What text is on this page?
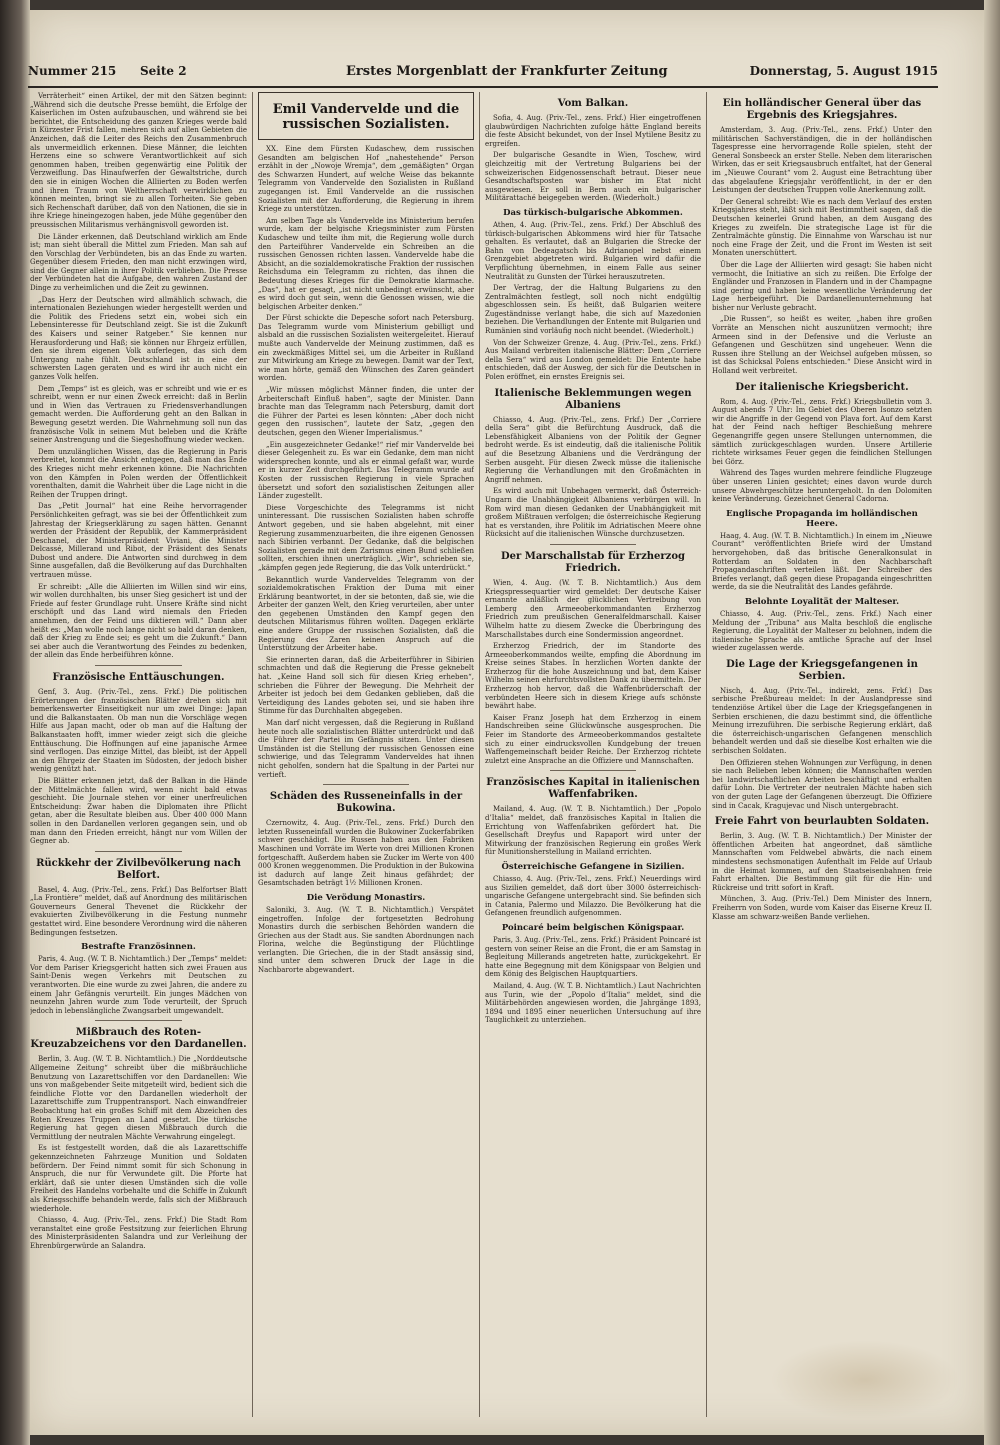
Nummer 215 Seite 2	Erstes Morgenblatt der Frankfurter Zeitung	Donnerstag, 5. August 1915

Verräterheit“ einen Artikel, der mit den Sätzen beginnt: „Während sich die deutsche Presse bemüht, die Erfolge der Kaiserlichen im Osten aufzubauschen, und während sie bei berichtet, die Entscheidung des ganzen Krieges werde bald in Kürzester Frist fallen, mehren sich auf allen Gebieten die Anzeichen, daß die Leiter des Reichs den Zusammenbruch als unvermeidlich erkennen. Diese Männer, die leichten Herzens eine so schwere Verantwortlichkeit auf sich genommen haben, treiben gegenwärtig eine Politik der Verzweiflung. Das Hinaufwerfen der Gewaltstriche, durch den sie in einigen Wochen die Alliierten zu Boden werfen und ihren Traum von Weltherrschaft verwirklichen zu können meinten, bringt sie zu allen Torheiten. Sie geben sich Rechenschaft darüber, daß von den Nationen, die sie in ihre Kriege hineingezogen haben, jede Mühe gegenüber den preussischen Militarismus verhängnisvoll geworden ist.

Die Länder erkennen, daß Deutschland wirklich am Ende ist; man sieht überall die Mittel zum Frieden. Man sah auf den Vorschlag der Verbündeten, bis an das Ende zu warten. Gegenüber diesem Frieden, den man nicht erzwingen wird, sind die Gegner allein in ihrer Politik verblieben. Die Presse der Verbündeten hat die Aufgabe, den wahren Zustand der Dinge zu verheimlichen und die Zeit zu gewinnen.

„Das Herz der Deutschen wird allmählich schwach, die internationalen Beziehungen wieder hergestellt werden und die Politik des Friedens setzt ein, wobei sich ein Lebensinteresse für Deutschland zeigt. Sie ist die Zukunft des Kaisers und seiner Ratgeber.“ Sie kennen nur Herausforderung und Haß; sie können nur Ehrgeiz erfüllen, den sie ihrem eigenen Volk auferlegen, das sich dem Untergang nahe fühlt. Deutschland ist in eine der schwersten Lagen geraten und es wird ihr auch nicht ein ganzes Volk helfen.

Dem „Temps“ ist es gleich, was er schreibt und wie er es schreibt, wenn er nur einen Zweck erreicht: daß in Berlin und in Wien das Vertrauen zu Friedensverhandlungen gemacht werden. Die Aufforderung geht an den Balkan in Bewegung gesetzt werden. Die Wahrnehmung soll nun das französische Volk in seinem Mut beleben und die Kräfte seiner Anstrengung und die Siegeshoffnung wieder wecken.

Dem unzulänglichen Wissen, das die Regierung in Paris verbreitet, kommt die Ansicht entgegen, daß man das Ende des Krieges nicht mehr erkennen könne. Die Nachrichten von den Kämpfen in Polen werden der Öffentlichkeit vorenthalten, damit die Wahrheit über die Lage nicht in die Reihen der Truppen dringt.

Das „Petit Journal“ hat eine Reihe hervorragender Persönlichkeiten gefragt, was sie bei der Öffentlichkeit zum Jahrestag der Kriegserklärung zu sagen hätten. Genannt werden der Präsident der Republik, der Kammerpräsident Deschanel, der Ministerpräsident Viviani, die Minister Delcassé, Millerand und Ribot, der Präsident des Senats Dubost und andere. Die Antworten sind durchweg in dem Sinne ausgefallen, daß die Bevölkerung auf das Durchhalten vertrauen müsse.

Er schreibt: „Alle die Alliierten im Willen sind wir eins, wir wollen durchhalten, bis unser Sieg gesichert ist und der Friede auf fester Grundlage ruht. Unsere Kräfte sind nicht erschöpft und das Land wird niemals den Frieden annehmen, den der Feind uns diktieren will.“ Dann aber heißt es: „Man wolle noch lange nicht so bald daran denken, daß der Krieg zu Ende sei; es geht um die Zukunft.“ Dann sei aber auch die Verantwortung des Feindes zu bedenken, der allein das Ende herbeiführen könne.

Französische Enttäuschungen.

Genf, 3. Aug. (Priv.-Tel., zens. Frkf.) Die politischen Erörterungen der französischen Blätter drehen sich mit bemerkenswerter Einseitigkeit nur um zwei Dinge: Japan und die Balkanstaaten. Ob man nun die Vorschläge wegen Hilfe aus Japan macht, oder ob man auf die Haltung der Balkanstaaten hofft, immer wieder zeigt sich die gleiche Enttäuschung. Die Hoffnungen auf eine japanische Armee sind verflogen. Das einzige Mittel, das bleibt, ist der Appell an den Ehrgeiz der Staaten im Südosten, der jedoch bisher wenig genützt hat.

Die Blätter erkennen jetzt, daß der Balkan in die Hände der Mittelmächte fallen wird, wenn nicht bald etwas geschieht. Die Journale stehen vor einer unerfreulichen Entscheidung: Zwar haben die Diplomaten ihre Pflicht getan, aber die Resultate bleiben aus. Über 400 000 Mann sollen in den Dardanellen verloren gegangen sein, und ob man dann den Frieden erreicht, hängt nur vom Willen der Gegner ab.

Rückkehr der Zivilbevölkerung nach Belfort.

Basel, 4. Aug. (Priv.-Tel., zens. Frkf.) Das Belfortser Blatt „La Frontière“ meldet, daß auf Anordnung des militärischen Gouverneurs General Thevenet die Rückkehr der evakuierten Zivilbevölkerung in die Festung nunmehr gestattet wird. Eine besondere Verordnung wird die näheren Bedingungen festsetzen.

Bestrafte Französinnen.

Paris, 4. Aug. (W. T. B. Nichtamtlich.) Der „Temps“ meldet: Vor dem Pariser Kriegsgericht hatten sich zwei Frauen aus Saint-Denis wegen Verkehrs mit Deutschen zu verantworten. Die eine wurde zu zwei Jahren, die andere zu einem Jahr Gefängnis verurteilt. Ein junges Mädchen von neunzehn Jahren wurde zum Tode verurteilt, der Spruch jedoch in lebenslängliche Zwangsarbeit umgewandelt.

Mißbrauch des Roten-Kreuzabzeichens vor den Dardanellen.

Berlin, 3. Aug. (W. T. B. Nichtamtlich.) Die „Norddeutsche Allgemeine Zeitung“ schreibt über die mißbräuchliche Benutzung von Lazarettschiffen vor den Dardanellen: Wie uns von maßgebender Seite mitgeteilt wird, bedient sich die feindliche Flotte vor den Dardanellen wiederholt der Lazarettschiffe zum Truppentransport. Nach einwandfreier Beobachtung hat ein großes Schiff mit dem Abzeichen des Roten Kreuzes Truppen an Land gesetzt. Die türkische Regierung hat gegen diesen Mißbrauch durch die Vermittlung der neutralen Mächte Verwahrung eingelegt.

Es ist festgestellt worden, daß die als Lazarettschiffe gekennzeichneten Fahrzeuge Munition und Soldaten befördern. Der Feind nimmt somit für sich Schonung in Anspruch, die nur für Verwundete gilt. Die Pforte hat erklärt, daß sie unter diesen Umständen sich die volle Freiheit des Handelns vorbehalte und die Schiffe in Zukunft als Kriegsschiffe behandeln werde, falls sich der Mißbrauch wiederhole.

Chiasso, 4. Aug. (Priv.-Tel., zens. Frkf.) Die Stadt Rom veranstaltet eine große Festsitzung zur feierlichen Ehrung des Ministerpräsidenten Salandra und zur Verleihung der Ehrenbürgerwürde an Salandra.

Emil Vandervelde und die russischen Sozialisten.

XX. Eine dem Fürsten Kudaschew, dem russischen Gesandten am belgischen Hof „nahestehende“ Person erzählt in der „Nowoje Wremja“, dem „gemäßigten“ Organ des Schwarzen Hundert, auf welche Weise das bekannte Telegramm von Vandervelde den Sozialisten in Rußland zugegangen ist. Emil Vandervelde an die russischen Sozialisten mit der Aufforderung, die Regierung in ihrem Kriege zu unterstützen.

Am selben Tage als Vandervelde ins Ministerium berufen wurde, kam der belgische Kriegsminister zum Fürsten Kudaschew und teilte ihm mit, die Regierung wolle durch den Parteiführer Vandervelde ein Schreiben an die russischen Genossen richten lassen. Vandervelde habe die Absicht, an die sozialdemokratische Fraktion der russischen Reichsduma ein Telegramm zu richten, das ihnen die Bedeutung dieses Krieges für die Demokratie klarmache. „Das“, hat er gesagt, „ist nicht unbedingt erwünscht, aber es wird doch gut sein, wenn die Genossen wissen, wie die belgischen Arbeiter denken.“

Der Fürst schickte die Depesche sofort nach Petersburg. Das Telegramm wurde vom Ministerium gebilligt und alsbald an die russischen Sozialisten weitergeleitet. Hierauf mußte auch Vandervelde der Meinung zustimmen, daß es ein zweckmäßiges Mittel sei, um die Arbeiter in Rußland zur Mitwirkung am Kriege zu bewegen. Damit war der Text, wie man hörte, gemäß den Wünschen des Zaren geändert worden.

„Wir müssen möglichst Männer finden, die unter der Arbeiterschaft Einfluß haben“, sagte der Minister. Dann brachte man das Telegramm nach Petersburg, damit dort die Führer der Partei es lesen könnten: „Aber doch nicht gegen den russischen“, lautete der Satz, „gegen den deutschen, gegen den Wiener Imperialismus.“

„Ein ausgezeichneter Gedanke!“ rief mir Vandervelde bei dieser Gelegenheit zu. Es war ein Gedanke, dem man nicht widersprechen konnte, und als er einmal gefaßt war, wurde er in kurzer Zeit durchgeführt. Das Telegramm wurde auf Kosten der russischen Regierung in viele Sprachen übersetzt und sofort den sozialistischen Zeitungen aller Länder zugestellt.

Diese Vorgeschichte des Telegramms ist nicht uninteressant. Die russischen Sozialisten haben schroffe Antwort gegeben, und sie haben abgelehnt, mit einer Regierung zusammenzuarbeiten, die ihre eigenen Genossen nach Sibirien verbannt. Der Gedanke, daß die belgischen Sozialisten gerade mit dem Zarismus einen Bund schließen sollten, erschien ihnen unerträglich. „Wir“, schrieben sie, „kämpfen gegen jede Regierung, die das Volk unterdrückt.“

Bekanntlich wurde Vanderveldes Telegramm von der sozialdemokratischen Fraktion der Duma mit einer Erklärung beantwortet, in der sie betonten, daß sie, wie die Arbeiter der ganzen Welt, den Krieg verurteilen, aber unter den gegebenen Umständen den Kampf gegen den deutschen Militarismus führen wollten. Dagegen erklärte eine andere Gruppe der russischen Sozialisten, daß die Regierung des Zaren keinen Anspruch auf die Unterstützung der Arbeiter habe.

Sie erinnerten daran, daß die Arbeiterführer in Sibirien schmachten und daß die Regierung die Presse geknebelt hat. „Keine Hand soll sich für diesen Krieg erheben“, schrieben die Führer der Bewegung. Die Mehrheit der Arbeiter ist jedoch bei dem Gedanken geblieben, daß die Verteidigung des Landes geboten sei, und sie haben ihre Stimme für das Durchhalten abgegeben.

Man darf nicht vergessen, daß die Regierung in Rußland heute noch alle sozialistischen Blätter unterdrückt und daß die Führer der Partei im Gefängnis sitzen. Unter diesen Umständen ist die Stellung der russischen Genossen eine schwierige, und das Telegramm Vanderveldes hat ihnen nicht geholfen, sondern hat die Spaltung in der Partei nur vertieft.

Schäden des Russeneinfalls in der Bukowina.

Czernowitz, 4. Aug. (Priv.-Tel., zens. Frkf.) Durch den letzten Russeneinfall wurden die Bukowiner Zuckerfabriken schwer geschädigt. Die Russen haben aus den Fabriken Maschinen und Vorräte im Werte von drei Millionen Kronen fortgeschafft. Außerdem haben sie Zucker im Werte von 400 000 Kronen weggenommen. Die Produktion in der Bukowina ist dadurch auf lange Zeit hinaus gefährdet; der Gesamtschaden beträgt 1½ Millionen Kronen.

Die Verödung Monastirs.

Saloniki, 3. Aug. (W. T. B. Nichtamtlich.) Verspätet eingetroffen. Infolge der fortgesetzten Bedrohung Monastirs durch die serbischen Behörden wandern die Griechen aus der Stadt aus. Sie sandten Abordnungen nach Florina, welche die Begünstigung der Flüchtlinge verlangten. Die Griechen, die in der Stadt ansässig sind, sind unter dem schweren Druck der Lage in die Nachbarorte abgewandert.

Vom Balkan.

Sofia, 4. Aug. (Priv.-Tel., zens. Frkf.) Hier eingetroffenen glaubwürdigen Nachrichten zufolge hätte England bereits die feste Absicht bekundet, von der Insel Mytilene Besitz zu ergreifen.

Der bulgarische Gesandte in Wien, Toschew, wird gleichzeitig mit der Vertretung Bulgariens bei der schweizerischen Eidgenossenschaft betraut. Dieser neue Gesandtschaftsposten war bisher im Etat nicht ausgewiesen. Er soll in Bern auch ein bulgarischer Militärattaché beigegeben werden. (Wiederholt.)

Das türkisch-bulgarische Abkommen.

Athen, 4. Aug. (Priv.-Tel., zens. Frkf.) Der Abschluß des türkisch-bulgarischen Abkommens wird hier für Tatsache gehalten. Es verlautet, daß an Bulgarien die Strecke der Bahn von Dedeagatsch bis Adrianopel nebst einem Grenzgebiet abgetreten wird. Bulgarien wird dafür die Verpflichtung übernehmen, in einem Falle aus seiner Neutralität zu Gunsten der Türkei herauszutreten.

Der Vertrag, der die Haltung Bulgariens zu den Zentralmächten festlegt, soll noch nicht endgültig abgeschlossen sein. Es heißt, daß Bulgarien weitere Zugeständnisse verlangt habe, die sich auf Mazedonien beziehen. Die Verhandlungen der Entente mit Bulgarien und Rumänien sind vorläufig noch nicht beendet. (Wiederholt.)

Von der Schweizer Grenze, 4. Aug. (Priv.-Tel., zens. Frkf.) Aus Mailand verbreiten italienische Blätter: Dem „Corriere della Sera“ wird aus London gemeldet: Die Entente habe entschieden, daß der Ausweg, der sich für die Deutschen in Polen eröffnet, ein ernstes Ereignis sei.

Italienische Beklemmungen wegen Albaniens

Chiasso, 4. Aug. (Priv.-Tel., zens. Frkf.) Der „Corriere della Sera“ gibt die Befürchtung Ausdruck, daß die Lebensfähigkeit Albaniens von der Politik der Gegner bedroht werde. Es ist eindeutig, daß die italienische Politik auf die Besetzung Albaniens und die Verdrängung der Serben ausgeht. Für diesen Zweck müsse die italienische Regierung die Verhandlungen mit den Großmächten in Angriff nehmen.

Es wird auch mit Unbehagen vermerkt, daß Österreich-Ungarn die Unabhängigkeit Albaniens verbürgen will. In Rom wird man diesen Gedanken der Unabhängigkeit mit großem Mißtrauen verfolgen; die österreichische Regierung hat es verstanden, ihre Politik im Adriatischen Meere ohne Rücksicht auf die italienischen Wünsche durchzusetzen.

Der Marschallstab für Erzherzog Friedrich.

Wien, 4. Aug. (W. T. B. Nichtamtlich.) Aus dem Kriegspressequartier wird gemeldet: Der deutsche Kaiser ernannte anläßlich der glücklichen Vertreibung von Lemberg den Armeeoberkommandanten Erzherzog Friedrich zum preußischen Generalfeldmarschall. Kaiser Wilhelm hatte zu diesem Zwecke die Überbringung des Marschallstabes durch eine Sondermission angeordnet.

Erzherzog Friedrich, der im Standorte des Armeeoberkommandos weilte, empfing die Abordnung im Kreise seines Stabes. In herzlichen Worten dankte der Erzherzog für die hohe Auszeichnung und bat, dem Kaiser Wilhelm seinen ehrfurchtsvollsten Dank zu übermitteln. Der Erzherzog hob hervor, daß die Waffenbrüderschaft der verbündeten Heere sich in diesem Kriege aufs schönste bewährt habe.

Kaiser Franz Joseph hat dem Erzherzog in einem Handschreiben seine Glückwünsche ausgesprochen. Die Feier im Standorte des Armeeoberkommandos gestaltete sich zu einer eindrucksvollen Kundgebung der treuen Waffengemeinschaft beider Reiche. Der Erzherzog richtete zuletzt eine Ansprache an die Offiziere und Mannschaften.

Französisches Kapital in italienischen Waffenfabriken.

Mailand, 4. Aug. (W. T. B. Nichtamtlich.) Der „Popolo d’Italia“ meldet, daß französisches Kapital in Italien die Errichtung von Waffenfabriken gefördert hat. Die Gesellschaft Dreyfus und Rapaport wird unter der Mitwirkung der französischen Regierung ein großes Werk für Munitionsherstellung in Mailand errichten.

Österreichische Gefangene in Sizilien.

Chiasso, 4. Aug. (Priv.-Tel., zens. Frkf.) Neuerdings wird aus Sizilien gemeldet, daß dort über 3000 österreichisch-ungarische Gefangene untergebracht sind. Sie befinden sich in Catania, Palermo und Milazzo. Die Bevölkerung hat die Gefangenen freundlich aufgenommen.

Poincaré beim belgischen Königspaar.

Paris, 3. Aug. (Priv.-Tel., zens. Frkf.) Präsident Poincaré ist gestern von seiner Reise an die Front, die er am Samstag in Begleitung Millerands angetreten hatte, zurückgekehrt. Er hatte eine Begegnung mit dem Königspaar von Belgien und dem König des Belgischen Hauptquartiers.

Mailand, 4. Aug. (W. T. B. Nichtamtlich.) Laut Nachrichten aus Turin, wie der „Popolo d’Italia“ meldet, sind die Militärbehörden angewiesen worden, die Jahrgänge 1893, 1894 und 1895 einer neuerlichen Untersuchung auf ihre Tauglichkeit zu unterziehen.

Ein holländischer General über das Ergebnis des Kriegsjahres.

Amsterdam, 3. Aug. (Priv.-Tel., zens. Frkf.) Unter den militärischen Sachverständigen, die in der holländischen Tagespresse eine hervorragende Rolle spielen, steht der General Sonsbeeck an erster Stelle. Neben dem literarischen Wirken, das er seit Kriegsausbruch entfaltet, hat der General im „Nieuwe Courant“ vom 2. August eine Betrachtung über das abgelaufene Kriegsjahr veröffentlicht, in der er den Leistungen der deutschen Truppen volle Anerkennung zollt.

Der General schreibt: Wie es nach dem Verlauf des ersten Kriegsjahres steht, läßt sich mit Bestimmtheit sagen, daß die Deutschen keinerlei Grund haben, an dem Ausgang des Krieges zu zweifeln. Die strategische Lage ist für die Zentralmächte günstig. Die Einnahme von Warschau ist nur noch eine Frage der Zeit, und die Front im Westen ist seit Monaten unerschüttert.

Über die Lage der Alliierten wird gesagt: Sie haben nicht vermocht, die Initiative an sich zu reißen. Die Erfolge der Engländer und Franzosen in Flandern und in der Champagne sind gering und haben keine wesentliche Veränderung der Lage herbeigeführt. Die Dardanellenunternehmung hat bisher nur Verluste gebracht.

„Die Russen“, so heißt es weiter, „haben ihre großen Vorräte an Menschen nicht auszunützen vermocht; ihre Armeen sind in der Defensive und die Verluste an Gefangenen und Geschützen sind ungeheuer. Wenn die Russen ihre Stellung an der Weichsel aufgeben müssen, so ist das Schicksal Polens entschieden.“ Diese Ansicht wird in Holland weit verbreitet.

Der italienische Kriegsbericht.

Rom, 4. Aug. (Priv.-Tel., zens. Frkf.) Kriegsbulletin vom 3. August abends 7 Uhr: Im Gebiet des Oberen Isonzo setzten wir die Angriffe in der Gegend von Plava fort. Auf dem Karst hat der Feind nach heftiger Beschießung mehrere Gegenangriffe gegen unsere Stellungen unternommen, die sämtlich zurückgeschlagen wurden. Unsere Artillerie richtete wirksames Feuer gegen die feindlichen Stellungen bei Görz.

Während des Tages wurden mehrere feindliche Flugzeuge über unseren Linien gesichtet; eines davon wurde durch unsere Abwehrgeschütze heruntergeholt. In den Dolomiten keine Veränderung. Gezeichnet General Cadorna.

Englische Propaganda im holländischen Heere.

Haag, 4. Aug. (W. T. B. Nichtamtlich.) In einem im „Nieuwe Courant“ veröffentlichten Briefe wird der Umstand hervorgehoben, daß das britische Generalkonsulat in Rotterdam an Soldaten in den Nachbarschaft Propagandaschriften verteilen läßt. Der Schreiber des Briefes verlangt, daß gegen diese Propaganda eingeschritten werde, da sie die Neutralität des Landes gefährde.

Belohnte Loyalität der Malteser.

Chiasso, 4. Aug. (Priv.-Tel., zens. Frkf.) Nach einer Meldung der „Tribuna“ aus Malta beschloß die englische Regierung, die Loyalität der Malteser zu belohnen, indem die italienische Sprache als amtliche Sprache auf der Insel wieder zugelassen werde.

Die Lage der Kriegsgefangenen in Serbien.

Nisch, 4. Aug. (Priv.-Tel., indirekt, zens. Frkf.) Das serbische Preßbureau meldet: In der Auslandpresse sind tendenziöse Artikel über die Lage der Kriegsgefangenen in Serbien erschienen, die dazu bestimmt sind, die öffentliche Meinung irrezuführen. Die serbische Regierung erklärt, daß die österreichisch-ungarischen Gefangenen menschlich behandelt werden und daß sie dieselbe Kost erhalten wie die serbischen Soldaten.

Den Offizieren stehen Wohnungen zur Verfügung, in denen sie nach Belieben leben können; die Mannschaften werden bei landwirtschaftlichen Arbeiten beschäftigt und erhalten dafür Lohn. Die Vertreter der neutralen Mächte haben sich von der guten Lage der Gefangenen überzeugt. Die Offiziere sind in Cacak, Kragujevac und Nisch untergebracht.

Freie Fahrt von beurlaubten Soldaten.

Berlin, 3. Aug. (W. T. B. Nichtamtlich.) Der Minister der öffentlichen Arbeiten hat angeordnet, daß sämtliche Mannschaften vom Feldwebel abwärts, die nach einem mindestens sechsmonatigen Aufenthalt im Felde auf Urlaub in die Heimat kommen, auf den Staatseisenbahnen freie Fahrt erhalten. Die Bestimmung gilt für die Hin- und Rückreise und tritt sofort in Kraft.

München, 3. Aug. (Priv.-Tel.) Dem Minister des Innern, Freiherrn von Soden, wurde vom Kaiser das Eiserne Kreuz II. Klasse am schwarz-weißen Bande verliehen.
